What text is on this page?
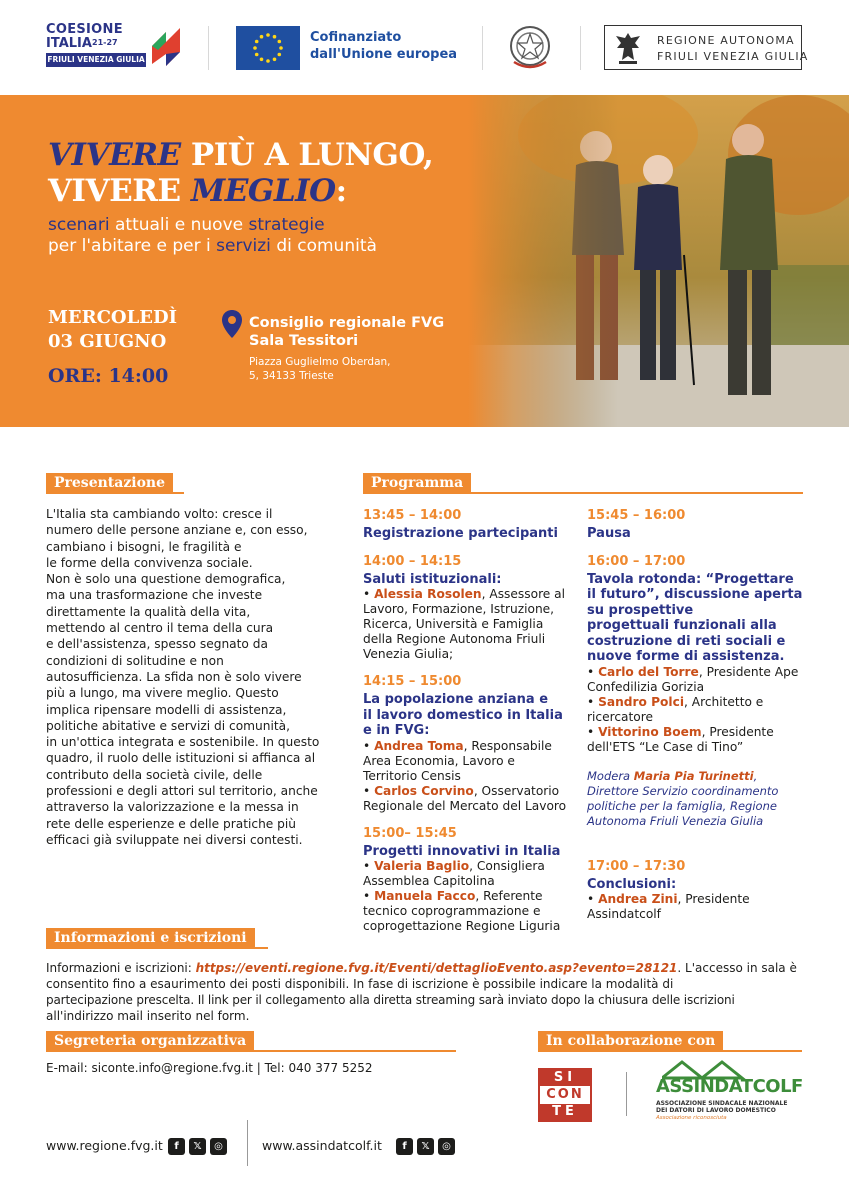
COESIONE
ITALIA 21-27
FRIULI VENEZIA GIULIA
Cofinanziato
dall'Unione europea
REGIONE AUTONOMA
FRIULI VENEZIA GIULIA
VIVERE PIÙ A LUNGO,
VIVERE MEGLIO:
scenari attuali e nuove strategie
per l'abitare e per i servizi di comunità
MERCOLEDÌ
03 GIUGNO
ORE: 14:00
Consiglio regionale FVG
Sala Tessitori
Piazza Guglielmo Oberdan,
5, 34133 Trieste
Presentazione
L'Italia sta cambiando volto: cresce il
numero delle persone anziane e, con esso,
cambiano i bisogni, le fragilità e
le forme della convivenza sociale.
Non è solo una questione demografica,
ma una trasformazione che investe
direttamente la qualità della vita,
mettendo al centro il tema della cura
e dell'assistenza, spesso segnato da
condizioni di solitudine e non
autosufficienza. La sfida non è solo vivere
più a lungo, ma vivere meglio. Questo
implica ripensare modelli di assistenza,
politiche abitative e servizi di comunità,
in un'ottica integrata e sostenibile. In questo
quadro, il ruolo delle istituzioni si affianca al
contributo della società civile, delle
professioni e degli attori sul territorio, anche
attraverso la valorizzazione e la messa in
rete delle esperienze e delle pratiche più
efficaci già sviluppate nei diversi contesti.
Programma
13:45 – 14:00
Registrazione partecipanti
14:00 – 14:15
Saluti istituzionali:
• Alessia Rosolen, Assessore al
Lavoro, Formazione, Istruzione,
Ricerca, Università e Famiglia
della Regione Autonoma Friuli
Venezia Giulia;
14:15 – 15:00
La popolazione anziana e
il lavoro domestico in Italia
e in FVG:
• Andrea Toma, Responsabile
Area Economia, Lavoro e
Territorio Censis
• Carlos Corvino, Osservatorio
Regionale del Mercato del Lavoro
15:00– 15:45
Progetti innovativi in Italia
• Valeria Baglio, Consigliera
Assemblea Capitolina
• Manuela Facco, Referente
tecnico coprogrammazione e
coprogettazione Regione Liguria
15:45 – 16:00
Pausa
16:00 – 17:00
Tavola rotonda: “Progettare
il futuro”, discussione aperta
su prospettive
progettuali funzionali alla
costruzione di reti sociali e
nuove forme di assistenza.
• Carlo del Torre, Presidente Ape
Confedilizia Gorizia
• Sandro Polci, Architetto e
ricercatore
• Vittorino Boem, Presidente
dell'ETS “Le Case di Tino”
Modera Maria Pia Turinetti,
Direttore Servizio coordinamento
politiche per la famiglia, Regione
Autonoma Friuli Venezia Giulia
17:00 – 17:30
Conclusioni:
• Andrea Zini, Presidente
Assindatcolf
Informazioni e iscrizioni
Informazioni e iscrizioni: https://eventi.regione.fvg.it/Eventi/dettaglioEvento.asp?evento=28121. L'accesso in sala è
consentito fino a esaurimento dei posti disponibili. In fase di iscrizione è possibile indicare la modalità di
partecipazione prescelta. Il link per il collegamento alla diretta streaming sarà inviato dopo la chiusura delle iscrizioni
all'indirizzo mail inserito nel form.
Segreteria organizzativa
E-mail: siconte.info@regione.fvg.it | Tel: 040 377 5252
In collaborazione con
SI
CON
TE
ASSINDATCOLF
ASSOCIAZIONE SINDACALE NAZIONALE
DEI DATORI DI LAVORO DOMESTICO
Associazione riconosciuta
www.regione.fvg.it	f 𝕏 ◎	www.assindatcolf.it	f 𝕏 ◎
